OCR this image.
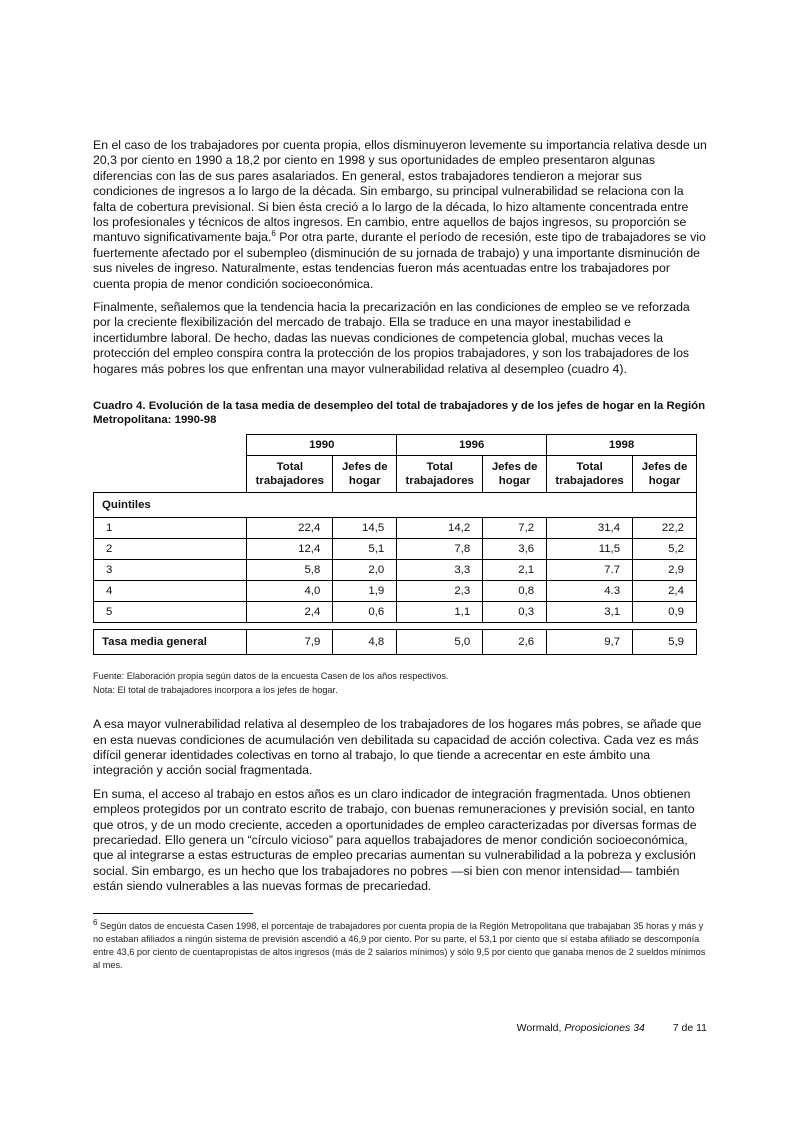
En el caso de los trabajadores por cuenta propia, ellos disminuyeron levemente su importancia relativa desde un 20,3 por ciento en 1990 a 18,2 por ciento en 1998 y sus oportunidades de empleo presentaron algunas diferencias con las de sus pares asalariados. En general, estos trabajadores tendieron a mejorar sus condiciones de ingresos a lo largo de la década. Sin embargo, su principal vulnerabilidad se relaciona con la falta de cobertura previsional. Si bien ésta creció a lo largo de la década, lo hizo altamente concentrada entre los profesionales y técnicos de altos ingresos. En cambio, entre aquellos de bajos ingresos, su proporción se mantuvo significativamente baja.$^6$ Por otra parte, durante el período de recesión, este tipo de trabajadores se vio fuertemente afectado por el subempleo (disminución de su jornada de trabajo) y una importante disminución de sus niveles de ingreso. Naturalmente, estas tendencias fueron más acentuadas entre los trabajadores por cuenta propia de menor condición socioeconómica.

Finalmente, señalemos que la tendencia hacia la precarización en las condiciones de empleo se ve reforzada por la creciente flexibilización del mercado de trabajo. Ella se traduce en una mayor inestabilidad e incertidumbre laboral. De hecho, dadas las nuevas condiciones de competencia global, muchas veces la protección del empleo conspira contra la protección de los propios trabajadores, y son los trabajadores de los hogares más pobres los que enfrentan una mayor vulnerabilidad relativa al desempleo (cuadro 4).

Cuadro 4. Evolución de la tasa media de desempleo del total de trabajadores y de los jefes de hogar en la Región Metropolitana: 1990-98
	1990		1996		1998	
	Total trabajadores	Jefes de hogar	Total trabajadores	Jefes de hogar	Total trabajadores	Jefes de hogar
Quintiles						
1	22,4	14,5	14,2	7,2	31,4	22,2
2	12,4	5,1	7,8	3,6	11,5	5,2
3	5,8	2,0	3,3	2,1	7.7	2,9
4	4,0	1,9	2,3	0,8	4.3	2,4
5	2,4	0,6	1,1	0,3	3,1	0,9

Tasa media general	7,9	4,8	5,0	2,6	9,7	5,9
Fuente: Elaboración propia según datos de la encuesta Casen de los años respectivos.
Nota: El total de trabajadores incorpora a los jefes de hogar.

A esa mayor vulnerabilidad relativa al desempleo de los trabajadores de los hogares más pobres, se añade que en esta nuevas condiciones de acumulación ven debilitada su capacidad de acción colectiva. Cada vez es más difícil generar identidades colectivas en torno al trabajo, lo que tiende a acrecentar en este ámbito una integración y acción social fragmentada.

En suma, el acceso al trabajo en estos años es un claro indicador de integración fragmentada. Unos obtienen empleos protegidos por un contrato escrito de trabajo, con buenas remuneraciones y previsión social, en tanto que otros, y de un modo creciente, acceden a oportunidades de empleo caracterizadas por diversas formas de precariedad. Ello genera un “círculo vicioso” para aquellos trabajadores de menor condición socioeconómica, que al integrarse a estas estructuras de empleo precarias aumentan su vulnerabilidad a la pobreza y exclusión social. Sin embargo, es un hecho que los trabajadores no pobres —si bien con menor intensidad— también están siendo vulnerables a las nuevas formas de precariedad.

$^6$ Según datos de encuesta Casen 1998, el porcentaje de trabajadores por cuenta propia de la Región Metropolitana que trabajaban 35 horas y más y no estaban afiliados a ningún sistema de previsión ascendió a 46,9 por ciento. Por su parte, el 53,1 por ciento que sí estaba afiliado se descomponía entre 43,6 por ciento de cuentapropistas de altos ingresos (más de 2 salarios mínimos) y sólo 9,5 por ciento que ganaba menos de 2 sueldos mínimos al mes.
Wormald, Proposiciones 34	7 de 11
